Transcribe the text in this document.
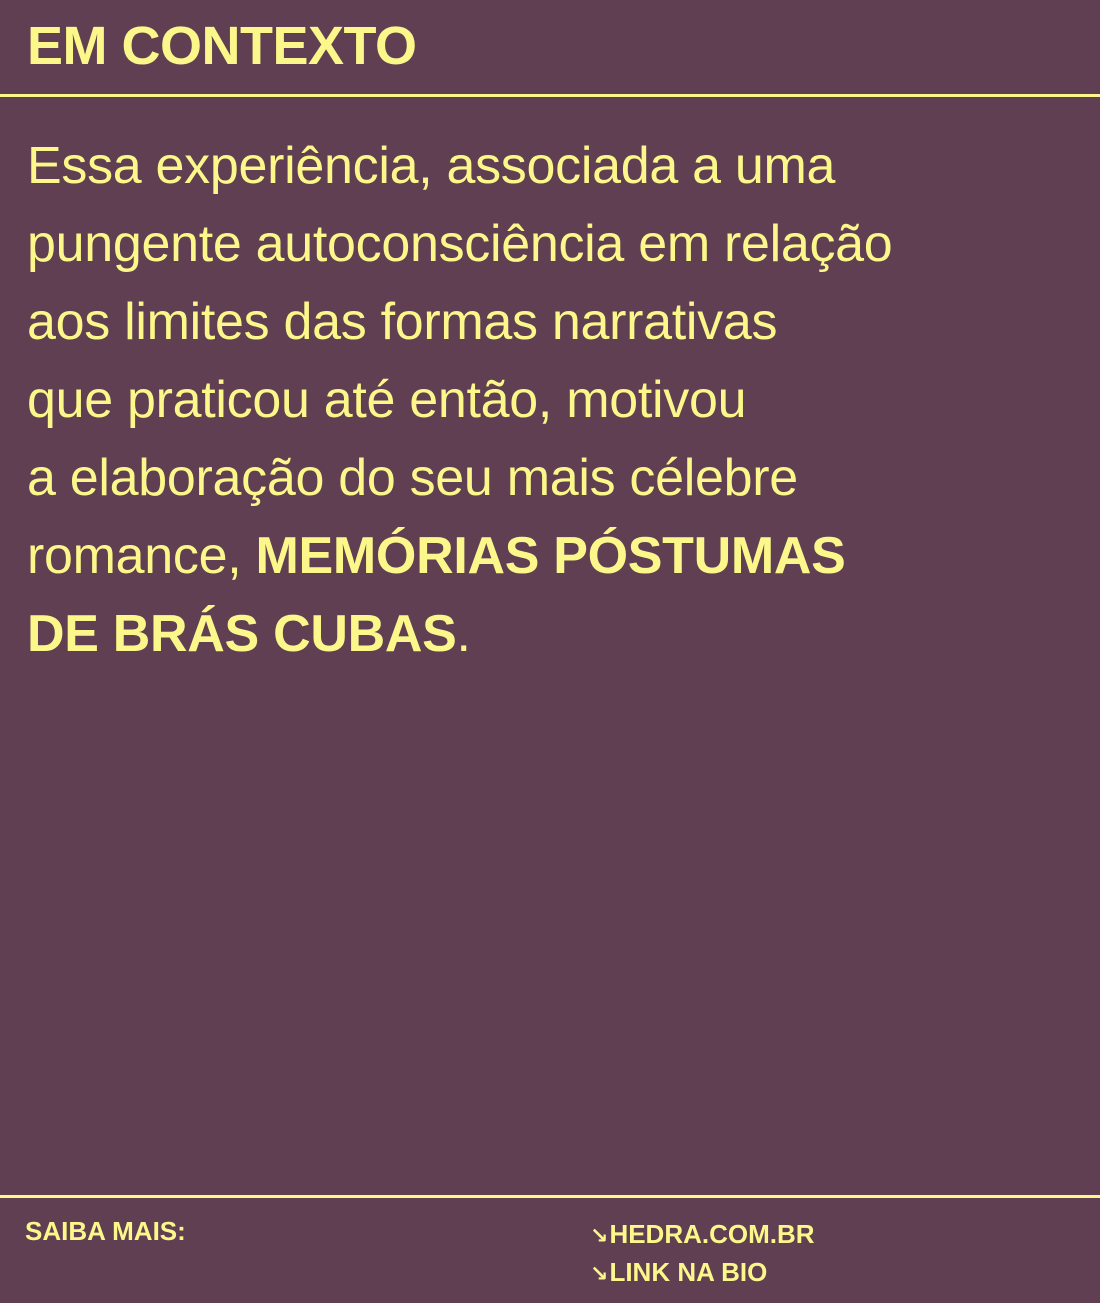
EM CONTEXTO
Essa experiência, associada a uma
pungente autoconsciência em relação
aos limites das formas narrativas
que praticou até então, motivou
a elaboração do seu mais célebre
romance, MEMÓRIAS PÓSTUMAS
DE BRÁS CUBAS.
SAIBA MAIS:	↘HEDRA.COM.BR
↘LINK NA BIO
